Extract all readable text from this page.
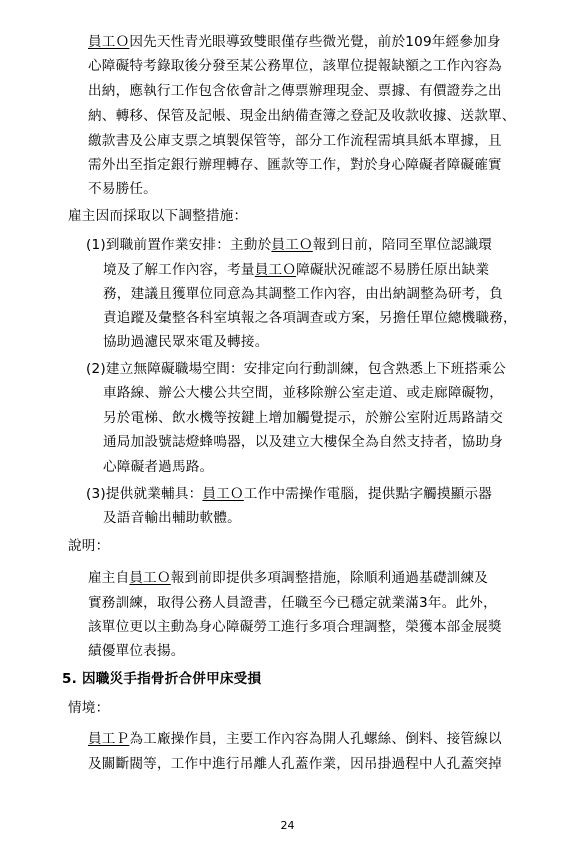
員工Ｏ因先天性青光眼導致雙眼僅存些微光覺，前於109年經參加身
心障礙特考錄取後分發至某公務單位，該單位提報缺額之工作內容為
出納，應執行工作包含依會計之傳票辦理現金、票據、有價證券之出
納、轉移、保管及記帳、現金出納備查簿之登記及收款收據、送款單、
繳款書及公庫支票之填製保管等，部分工作流程需填具紙本單據，且
需外出至指定銀行辦理轉存、匯款等工作，對於身心障礙者障礙確實
不易勝任。
雇主因而採取以下調整措施：
(1)到職前置作業安排：主動於員工Ｏ報到日前，陪同至單位認識環
境及了解工作內容，考量員工Ｏ障礙狀況確認不易勝任原出缺業
務，建議且獲單位同意為其調整工作內容，由出納調整為研考，負
責追蹤及彙整各科室填報之各項調查或方案，另擔任單位總機職務，
協助過濾民眾來電及轉接。
(2)建立無障礙職場空間：安排定向行動訓練，包含熟悉上下班搭乘公
車路線、辦公大樓公共空間，並移除辦公室走道、或走廊障礙物，
另於電梯、飲水機等按鍵上增加觸覺提示，於辦公室附近馬路請交
通局加設號誌燈蜂鳴器，以及建立大樓保全為自然支持者，協助身
心障礙者過馬路。
(3)提供就業輔具：員工Ｏ工作中需操作電腦，提供點字觸摸顯示器
及語音輸出輔助軟體。
說明：
雇主自員工Ｏ報到前即提供多項調整措施，除順利通過基礎訓練及
實務訓練，取得公務人員證書，任職至今已穩定就業滿3年。此外，
該單位更以主動為身心障礙勞工進行多項合理調整，榮獲本部金展獎
績優單位表揚。
5. 因職災手指骨折合併甲床受損
情境：
員工Ｐ為工廠操作員，主要工作內容為開人孔螺絲、倒料、接管線以
及關斷閥等，工作中進行吊離人孔蓋作業，因吊掛過程中人孔蓋突掉
24
